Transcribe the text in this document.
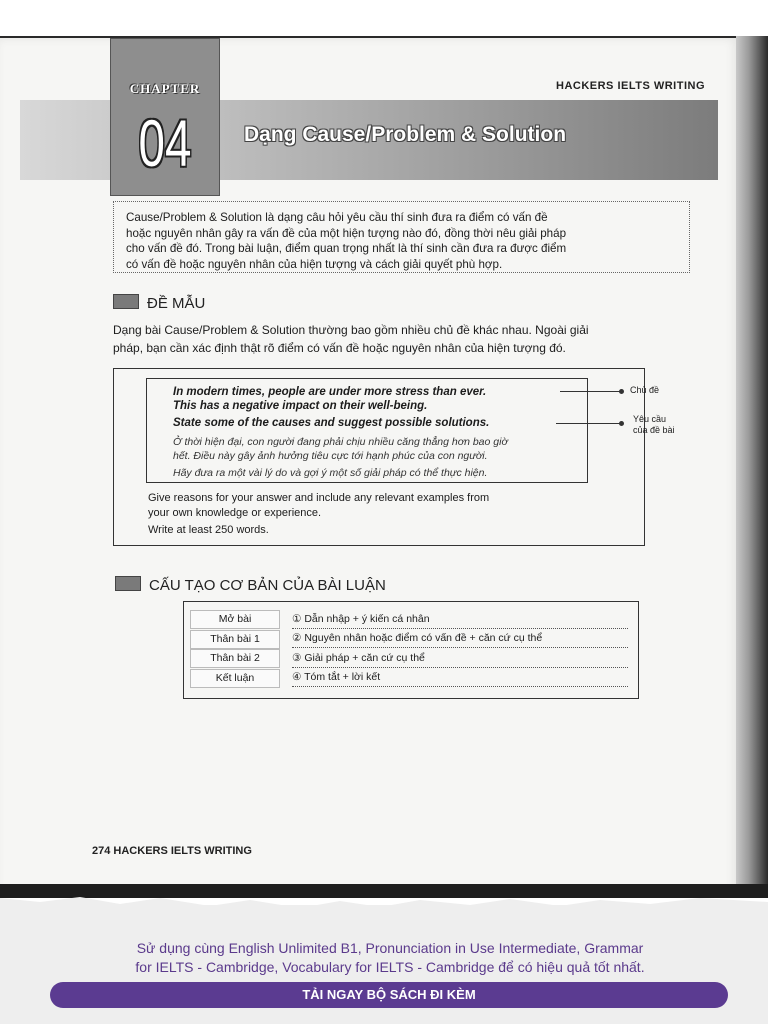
HACKERS IELTS WRITING
Dạng Cause/Problem & Solution
CHAPTER
04
Cause/Problem & Solution là dạng câu hỏi yêu cầu thí sinh đưa ra điểm có vấn đề
hoặc nguyên nhân gây ra vấn đề của một hiện tượng nào đó, đồng thời nêu giải pháp
cho vấn đề đó. Trong bài luận, điểm quan trọng nhất là thí sinh cần đưa ra được điểm
có vấn đề hoặc nguyên nhân của hiện tượng và cách giải quyết phù hợp.
ĐỀ MẪU
Dạng bài Cause/Problem & Solution thường bao gồm nhiều chủ đề khác nhau. Ngoài giải
pháp, bạn cần xác định thật rõ điểm có vấn đề hoặc nguyên nhân của hiện tượng đó.

In modern times, people are under more stress than ever.

This has a negative impact on their well-being.

State some of the causes and suggest possible solutions.

Ở thời hiện đại, con người đang phải chịu nhiều căng thẳng hơn bao giờ

hết. Điều này gây ảnh hưởng tiêu cực tới hạnh phúc của con người.

Hãy đưa ra một vài lý do và gợi ý một số giải pháp có thể thực hiện.

Chủ đề
Yêu cầu
của đề bài
Give reasons for your answer and include any relevant examples from
your own knowledge or experience.
Write at least 250 words.
CẤU TẠO CƠ BẢN CỦA BÀI LUẬN
Mở bài	① Dẫn nhập + ý kiến cá nhân
Thân bài 1	② Nguyên nhân hoặc điểm có vấn đề + căn cứ cụ thể
Thân bài 2	③ Giải pháp + căn cứ cụ thể
Kết luận	④ Tóm tắt + lời kết
274 HACKERS IELTS WRITING
Sử dụng cùng English Unlimited B1, Pronunciation in Use Intermediate, Grammar
for IELTS - Cambridge, Vocabulary for IELTS - Cambridge để có hiệu quả tốt nhất.
TẢI NGAY BỘ SÁCH ĐI KÈM
